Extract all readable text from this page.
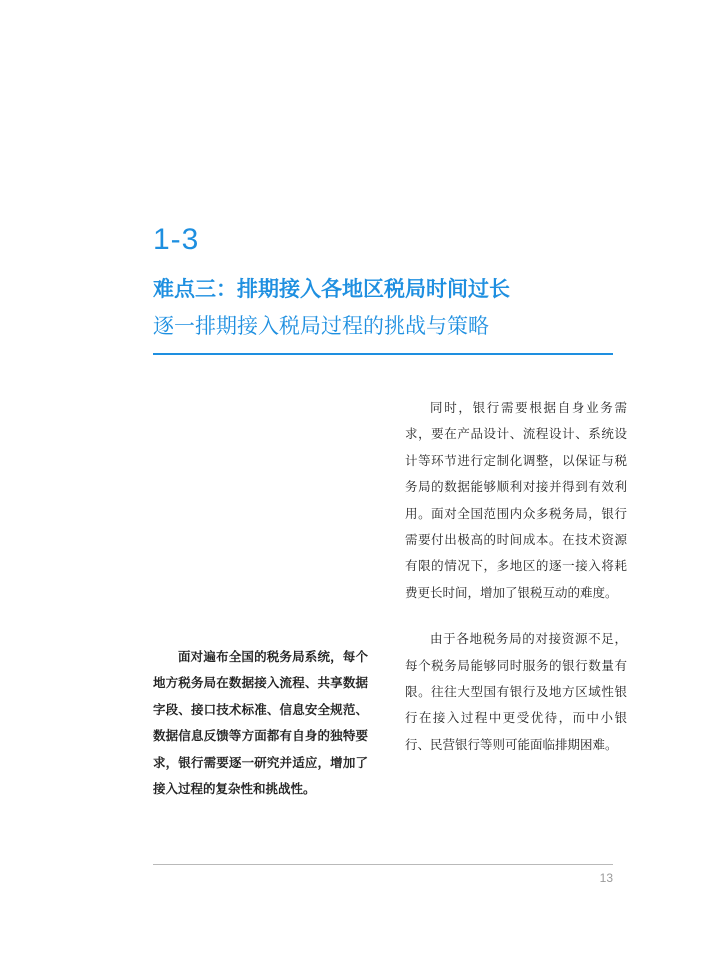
1-3
难点三：排期接入各地区税局时间过长
逐一排期接入税局过程的挑战与策略

同时，银行需要根据自身业务需求，要在产品设计、流程设计、系统设计等环节进行定制化调整，以保证与税务局的数据能够顺利对接并得到有效利用。面对全国范围内众多税务局，银行需要付出极高的时间成本。在技术资源有限的情况下，多地区的逐一接入将耗费更长时间，增加了银税互动的难度。

由于各地税务局的对接资源不足，每个税务局能够同时服务的银行数量有限。往往大型国有银行及地方区域性银行在接入过程中更受优待，而中小银行、民营银行等则可能面临排期困难。

面对遍布全国的税务局系统，每个地方税务局在数据接入流程、共享数据字段、接口技术标准、信息安全规范、数据信息反馈等方面都有自身的独特要求，银行需要逐一研究并适应，增加了接入过程的复杂性和挑战性。

13
